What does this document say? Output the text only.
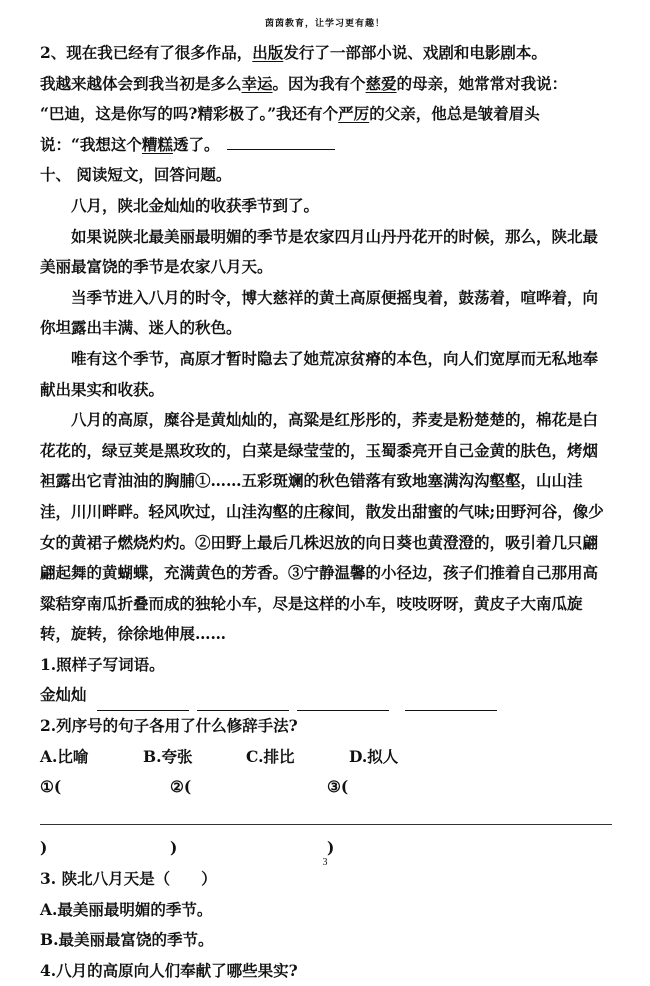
茵茵教育，让学习更有趣！

2、现在我已经有了很多作品，出版发行了一部部小说、戏剧和电影剧本。

我越来越体会到我当初是多么幸运。因为我有个慈爱的母亲，她常常对我说：

“巴迪，这是你写的吗?精彩极了。”我还有个严厉的父亲，他总是皱着眉头

说：“我想这个糟糕透了。

十、 阅读短文，回答问题。

八月，陕北金灿灿的收获季节到了。

如果说陕北最美丽最明媚的季节是农家四月山丹丹花开的时候，那么，陕北最美丽最富饶的季节是农家八月天。

当季节进入八月的时令，博大慈祥的黄土高原便摇曳着，鼓荡着，喧哗着，向你坦露出丰满、迷人的秋色。

唯有这个季节，高原才暂时隐去了她荒凉贫瘠的本色，向人们宽厚而无私地奉献出果实和收获。

八月的高原，糜谷是黄灿灿的，高粱是红彤彤的，荞麦是粉楚楚的，棉花是白花花的，绿豆荚是黑玫玫的，白菜是绿莹莹的，玉蜀黍亮开自己金黄的肤色，烤烟袒露出它青油油的胸脯①……五彩斑斓的秋色错落有致地塞满沟沟壑壑，山山洼洼，川川畔畔。轻风吹过，山洼沟壑的庄稼间，散发出甜蜜的气味;田野河谷，像少女的黄裙子燃烧灼灼。②田野上最后几株迟放的向日葵也黄澄澄的，吸引着几只翩翩起舞的黄蝴蝶，充满黄色的芳香。③宁静温馨的小径边，孩子们推着自己那用高粱秸穿南瓜折叠而成的独轮小车，尽是这样的小车，吱吱呀呀，黄皮子大南瓜旋转，旋转，徐徐地伸展……

1.照样子写词语。

金灿灿

2.列序号的句子各用了什么修辞手法?

A.比喻	B.夸张	C.排比	D.拟人

①()
②()
③()

3. 陕北八月天是（　　）

A.最美丽最明媚的季节。

B.最美丽最富饶的季节。

4.八月的高原向人们奉献了哪些果实?

3
